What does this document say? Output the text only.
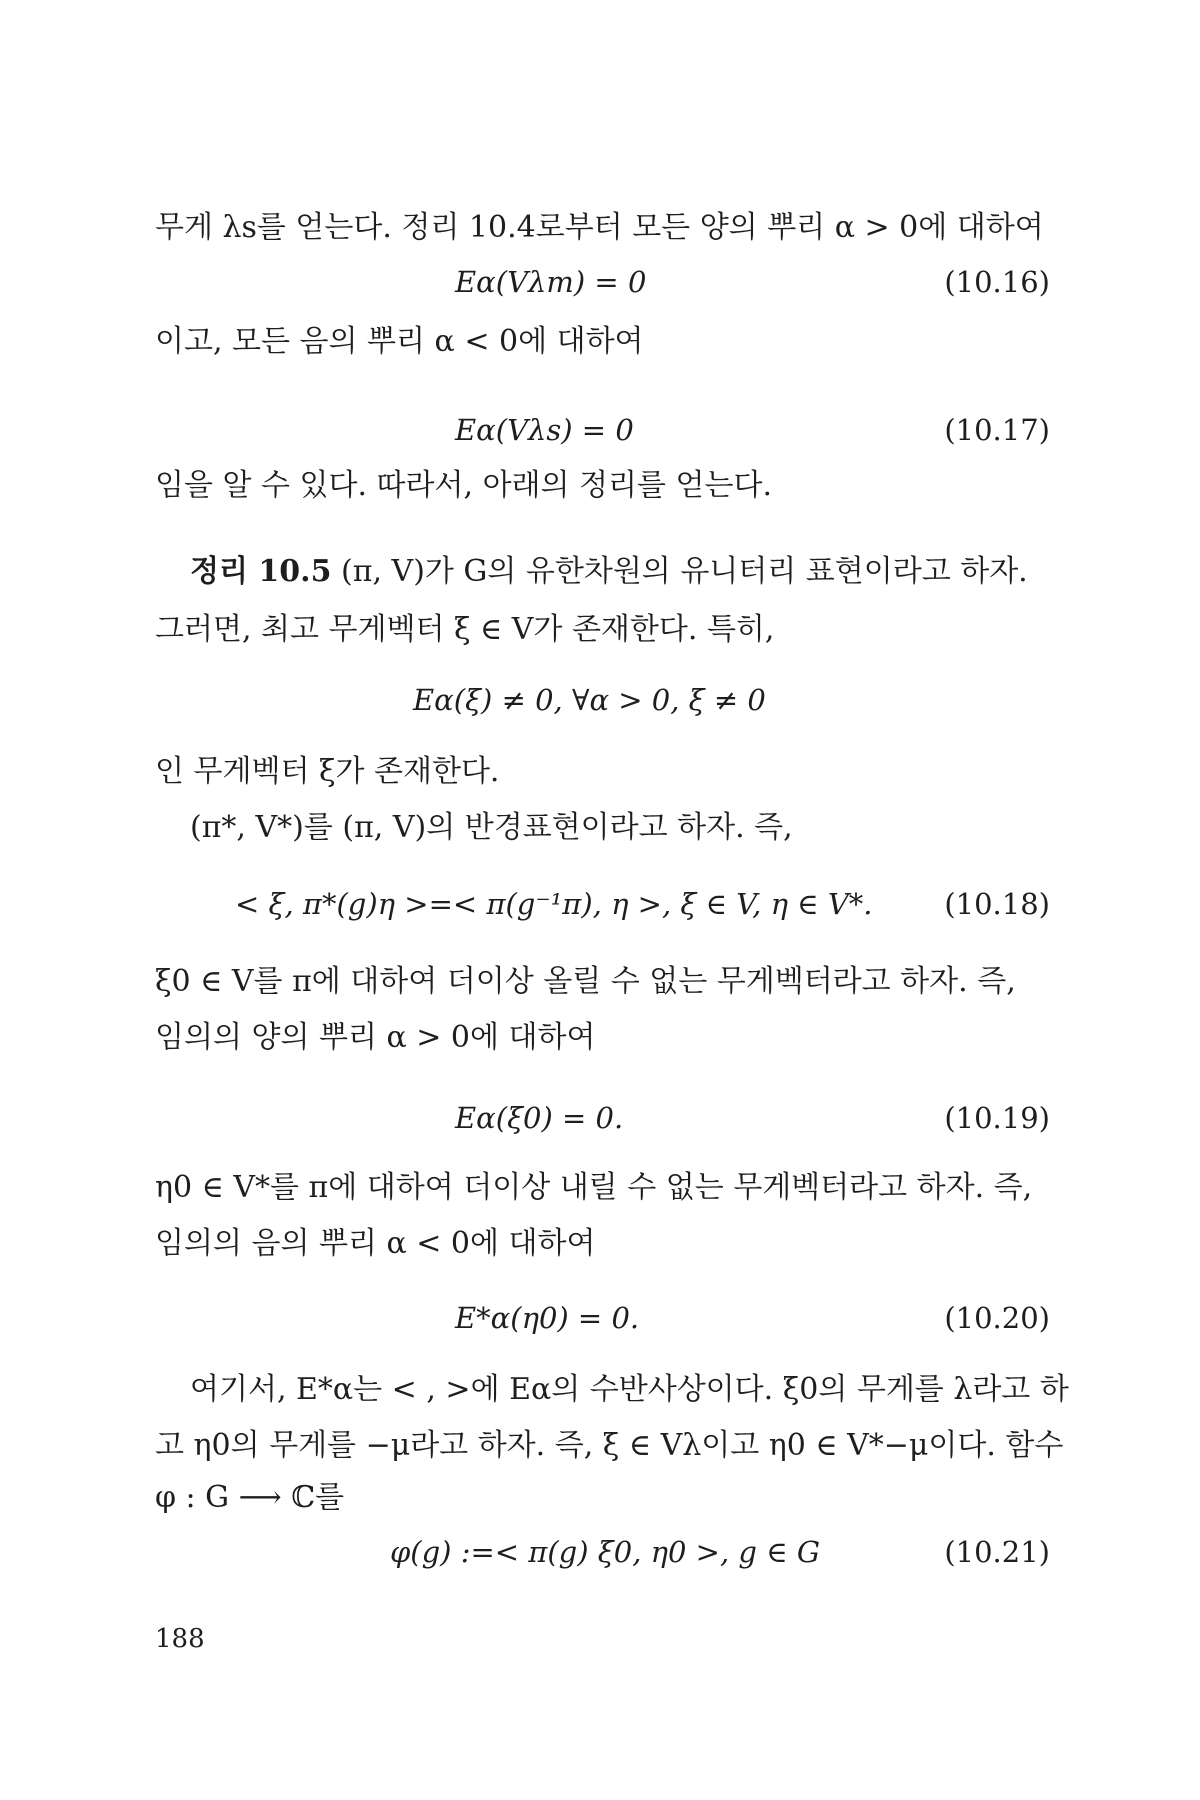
무게 λs를 얻는다. 정리 10.4로부터 모든 양의 뿌리 α > 0에 대하여
Eα(Vλm) = 0	(10.16)
이고, 모든 음의 뿌리 α < 0에 대하여
Eα(Vλs) = 0	(10.17)
임을 알 수 있다. 따라서, 아래의 정리를 얻는다.
정리 10.5 (π, V)가 G의 유한차원의 유니터리 표현이라고 하자.
그러면, 최고 무게벡터 ξ ∈ V가 존재한다. 특히,
Eα(ξ) ≠ 0, ∀α > 0, ξ ≠ 0
인 무게벡터 ξ가 존재한다.
(π*, V*)를 (π, V)의 반경표현이라고 하자. 즉,
< ξ, π*(g)η >=< π(g⁻¹π), η >, ξ ∈ V, η ∈ V*. (10.18)
ξ0 ∈ V를 π에 대하여 더이상 올릴 수 없는 무게벡터라고 하자. 즉,
임의의 양의 뿌리 α > 0에 대하여
Eα(ξ0) = 0.	(10.19)
η0 ∈ V*를 π에 대하여 더이상 내릴 수 없는 무게벡터라고 하자. 즉,
임의의 음의 뿌리 α < 0에 대하여
E*α(η0) = 0.	(10.20)
여기서, E*α는 < , >에 Eα의 수반사상이다. ξ0의 무게를 λ라고 하
고 η0의 무게를 −μ라고 하자. 즉, ξ ∈ Vλ이고 η0 ∈ V*−μ이다. 함수
φ : G ⟶ ℂ를
φ(g) :=< π(g) ξ0, η0 >, g ∈ G	(10.21)
188
